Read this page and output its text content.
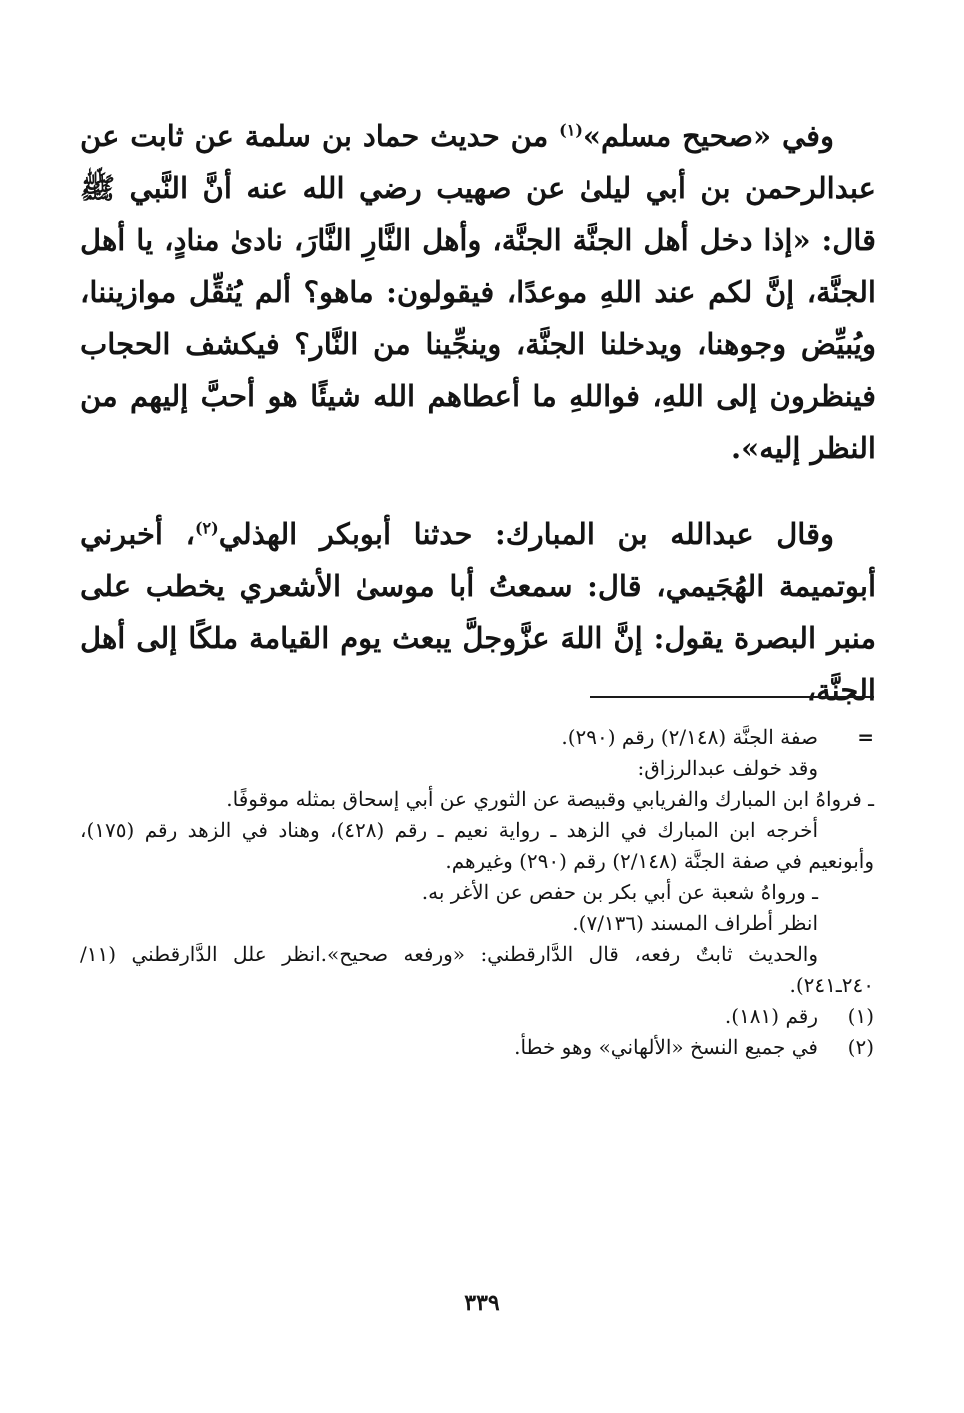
وفي «صحيح مسلم»$^{(١)}$ من حديث حماد بن سلمة عن ثابت عن عبدالرحمن بن أبي ليلىٰ عن صهيب رضي الله عنه أنَّ النَّبي ﷺ قال: «إذا دخل أهل الجنَّة الجنَّة، وأهل النَّارِ النَّارَ، نادىٰ منادٍ، يا أهل الجنَّة، إنَّ لكم عند اللهِ موعدًا، فيقولون: ماهو؟ ألم يُثقِّل موازيننا، ويُبيِّض وجوهنا، ويدخلنا الجنَّة، وينجِّينا من النَّار؟ فيكشف الحجاب فينظرون إلى اللهِ، فواللهِ ما أعطاهم الله شيئًا هو أحبَّ إليهم من النظر إليه».

وقال عبدالله بن المبارك: حدثنا أبوبكر الهذلي$^{(٢)}$، أخبرني أبوتميمة الهُجَيمي، قال: سمعتُ أبا موسىٰ الأشعري يخطب على منبر البصرة يقول: إنَّ اللهَ عزَّوجلَّ يبعث يوم القيامة ملكًا إلى أهل الجنَّة،

=
صفة الجنَّة (٢/١٤٨) رقم (٢٩٠).

وقد خولف عبدالرزاق:

ـ فرواهُ ابن المبارك والفريابي وقبيصة عن الثوري عن أبي إسحاق بمثله موقوفًا.

أخرجه ابن المبارك في الزهد ـ رواية نعيم ـ رقم (٤٢٨)، وهناد في الزهد رقم (١٧٥)، وأبونعيم في صفة الجنَّة (٢/١٤٨) رقم (٢٩٠) وغيرهم.

ـ ورواهُ شعبة عن أبي بكر بن حفص عن الأغر به.

انظر أطراف المسند (٧/١٣٦).

والحديث ثابتٌ رفعه، قال الدَّارقطني: «ورفعه صحيح».انظر علل الدَّارقطني (١١/ ٢٤٠ـ٢٤١).

(١)
رقم (١٨١).

(٢)
في جميع النسخ «الألهاني» وهو خطأ.

٣٣٩
